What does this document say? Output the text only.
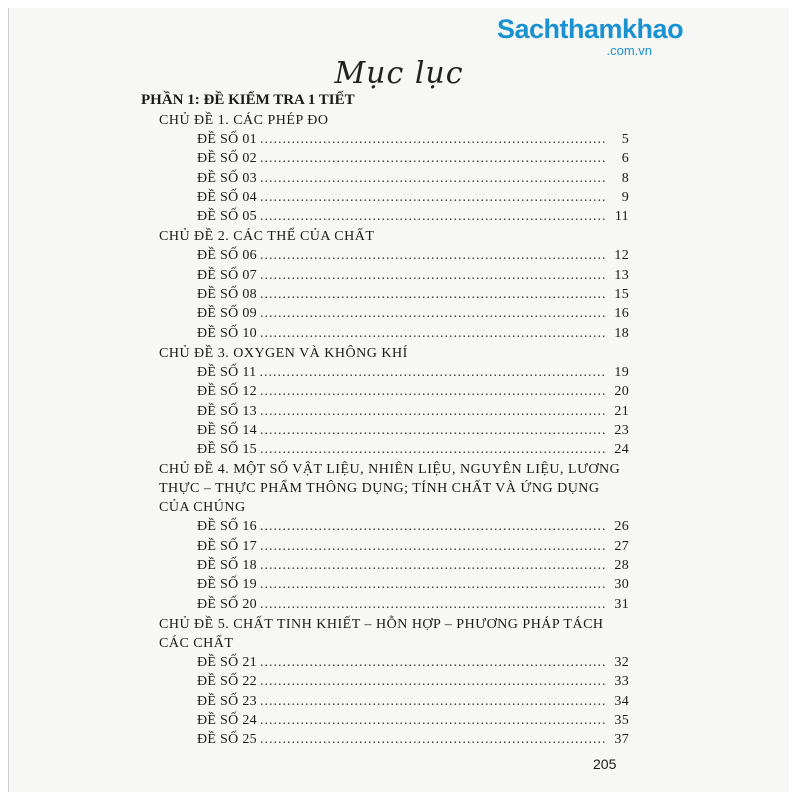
Sachthamkhao
.com.vn
Mục lục
PHẦN 1: ĐỀ KIỂM TRA 1 TIẾT
CHỦ ĐỀ 1. CÁC PHÉP ĐO
ĐỀ SỐ 01 .....	5
ĐỀ SỐ 02 .....	6
ĐỀ SỐ 03 .....	8
ĐỀ SỐ 04 .....	9
ĐỀ SỐ 05 .....	11
CHỦ ĐỀ 2. CÁC THỂ CỦA CHẤT
ĐỀ SỐ 06 .....	12
ĐỀ SỐ 07 .....	13
ĐỀ SỐ 08 .....	15
ĐỀ SỐ 09 .....	16
ĐỀ SỐ 10 .....	18
CHỦ ĐỀ 3. OXYGEN VÀ KHÔNG KHÍ
ĐỀ SỐ 11 .....	19
ĐỀ SỐ 12 .....	20
ĐỀ SỐ 13 .....	21
ĐỀ SỐ 14 .....	23
ĐỀ SỐ 15 .....	24
CHỦ ĐỀ 4. MỘT SỐ VẬT LIỆU, NHIÊN LIỆU, NGUYÊN LIỆU, LƯƠNG THỰC – THỰC PHẨM THÔNG DỤNG; TÍNH CHẤT VÀ ỨNG DỤNG CỦA CHÚNG
ĐỀ SỐ 16 .....	26
ĐỀ SỐ 17 .....	27
ĐỀ SỐ 18 .....	28
ĐỀ SỐ 19 .....	30
ĐỀ SỐ 20 .....	31
CHỦ ĐỀ 5. CHẤT TINH KHIẾT – HỖN HỢP – PHƯƠNG PHÁP TÁCH CÁC CHẤT
ĐỀ SỐ 21 .....	32
ĐỀ SỐ 22 .....	33
ĐỀ SỐ 23 .....	34
ĐỀ SỐ 24 .....	35
ĐỀ SỐ 25 .....	37
205
